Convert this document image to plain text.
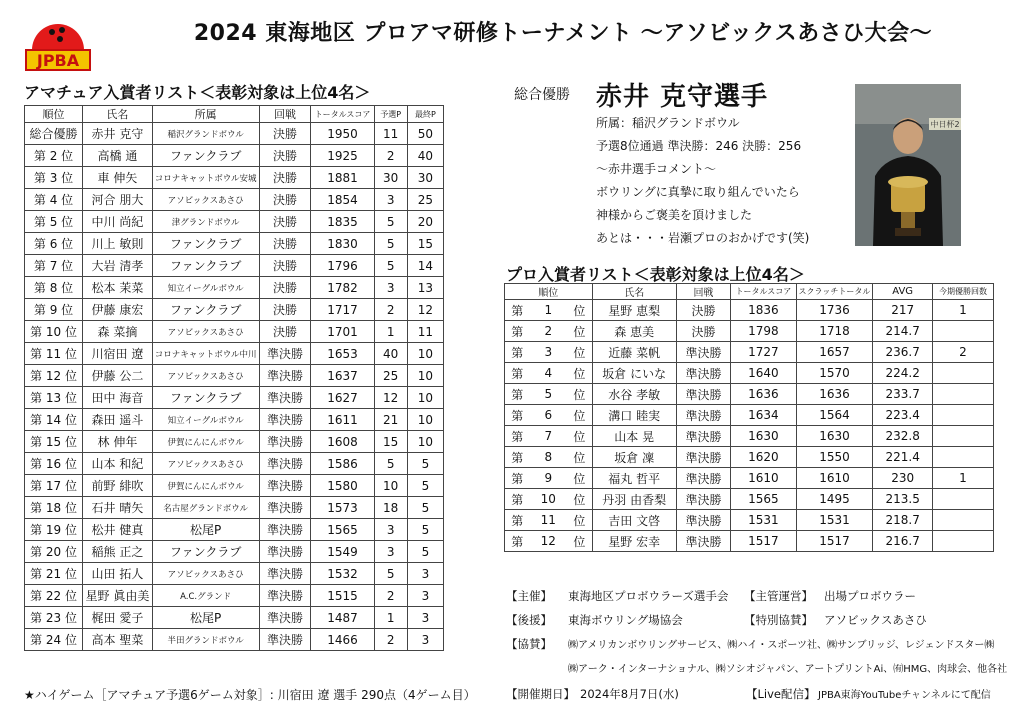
JPBA
2024 東海地区 プロアマ研修トーナメント ～アソビックスあさひ大会～
アマチュア入賞者リスト＜表彰対象は上位4名＞
順位	氏名	所属	回戦	トータルスコア	予選P	最終P
総合優勝	赤井 克守	稲沢グランドボウル	決勝	1950	11	50
第 2 位	高橋 通	ファンクラブ	決勝	1925	2	40
第 3 位	車 伸矢	コロナキャットボウル安城	決勝	1881	30	30
第 4 位	河合 朋大	アソビックスあさひ	決勝	1854	3	25
第 5 位	中川 尚紀	津グランドボウル	決勝	1835	5	20
第 6 位	川上 敏則	ファンクラブ	決勝	1830	5	15
第 7 位	大岩 清孝	ファンクラブ	決勝	1796	5	14
第 8 位	松本 茉菜	知立イーグルボウル	決勝	1782	3	13
第 9 位	伊藤 康宏	ファンクラブ	決勝	1717	2	12
第 10 位	森 菜摘	アソビックスあさひ	決勝	1701	1	11
第 11 位	川宿田 遼	コロナキャットボウル中川	準決勝	1653	40	10
第 12 位	伊藤 公二	アソビックスあさひ	準決勝	1637	25	10
第 13 位	田中 海音	ファンクラブ	準決勝	1627	12	10
第 14 位	森田 遥斗	知立イーグルボウル	準決勝	1611	21	10
第 15 位	林 伸年	伊賀にんにんボウル	準決勝	1608	15	10
第 16 位	山本 和紀	アソビックスあさひ	準決勝	1586	5	5
第 17 位	前野 緋吹	伊賀にんにんボウル	準決勝	1580	10	5
第 18 位	石井 晴矢	名古屋グランドボウル	準決勝	1573	18	5
第 19 位	松井 健真	松尾P	準決勝	1565	3	5
第 20 位	稲熊 正之	ファンクラブ	準決勝	1549	3	5
第 21 位	山田 拓人	アソビックスあさひ	準決勝	1532	5	3
第 22 位	星野 眞由美	A.C.グランド	準決勝	1515	2	3
第 23 位	梶田 愛子	松尾P	準決勝	1487	1	3
第 24 位	高本 聖菜	半田グランドボウル	準決勝	1466	2	3
★ハイゲーム［アマチュア予選6ゲーム対象］: 川宿田 遼 選手 290点（4ゲーム目）
総合優勝 赤井 克守選手
所属：稲沢グランドボウル
予選8位通過 準決勝：246 決勝：256
～赤井選手コメント～
ボウリングに真摯に取り組んでいたら
神様からご褒美を頂けました
あとは・・・岩瀬プロのおかげです(笑)
中日杯2
プロ入賞者リスト＜表彰対象は上位4名＞
順位			氏名	回戦	トータルスコア	スクラッチトータル	AVG	今期優勝回数
第	1	位	星野 恵梨	決勝	1836	1736	217	1
第	2	位	森 恵美	決勝	1798	1718	214.7	
第	3	位	近藤 菜帆	準決勝	1727	1657	236.7	2
第	4	位	坂倉 にいな	準決勝	1640	1570	224.2	
第	5	位	水谷 孝敏	準決勝	1636	1636	233.7	
第	6	位	溝口 睦実	準決勝	1634	1564	223.4	
第	7	位	山本 晃	準決勝	1630	1630	232.8	
第	8	位	坂倉 凜	準決勝	1620	1550	221.4	
第	9	位	福丸 哲平	準決勝	1610	1610	230	1
第	10	位	丹羽 由香梨	準決勝	1565	1495	213.5	
第	11	位	吉田 文啓	準決勝	1531	1531	218.7	
第	12	位	星野 宏幸	準決勝	1517	1517	216.7	
【主催】 東海地区プロボウラーズ選手会 【主管運営】 出場プロボウラー
【後援】 東海ボウリング場協会	【特別協賛】 アソビックスあさひ
【協賛】 ㈱アメリカンボウリングサービス、㈱ハイ・スポーツ社、㈱サンブリッジ、レジェンドスター㈱
㈱アーク・インターナショナル、㈱ソシオジャパン、アートプリントAi、㈲HMG、肉球会、他各社
【開催期日】 2024年8月7日(水)	【Live配信】 JPBA東海YouTubeチャンネルにて配信
